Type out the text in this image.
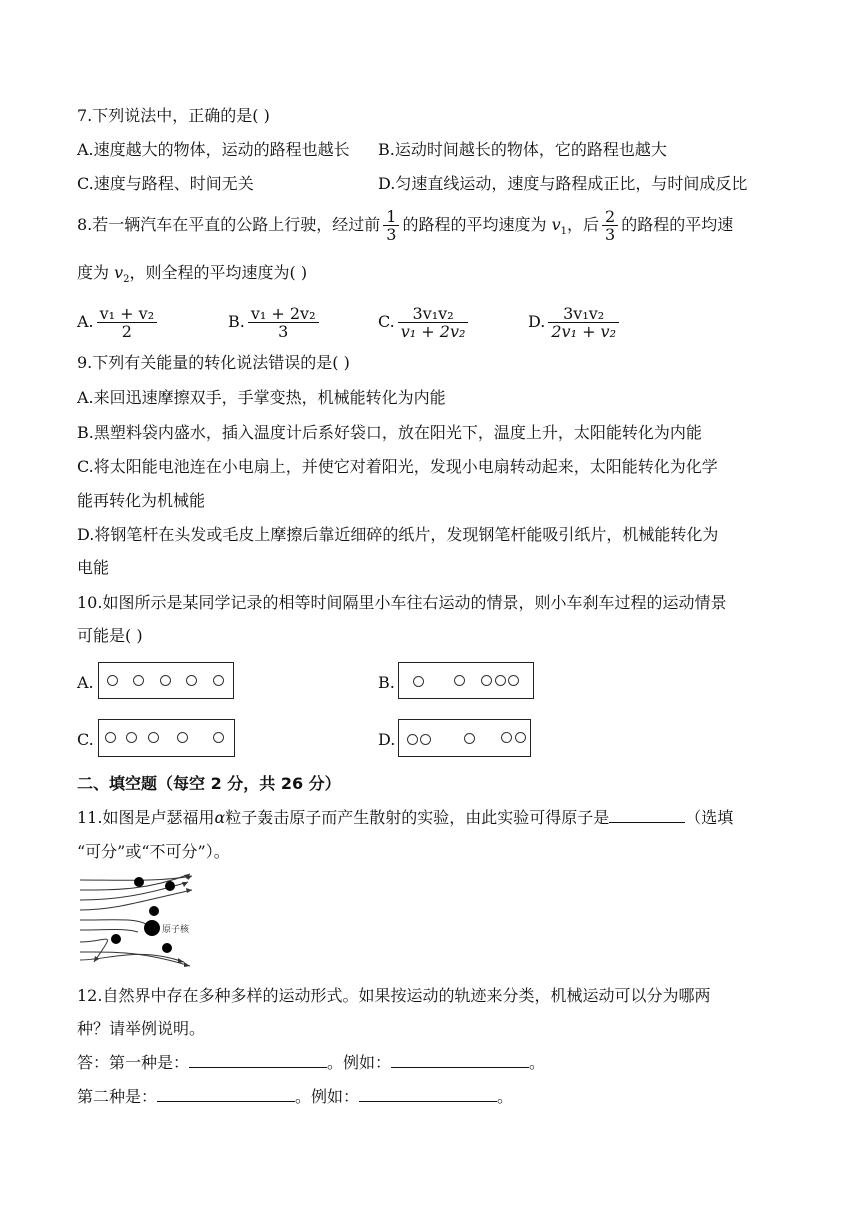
7.下列说法中，正确的是( )
A.速度越大的物体，运动的路程也越长 B.运动时间越长的物体，它的路程也越大
C.速度与路程、时间无关	D.匀速直线运动，速度与路程成正比，与时间成反比
8.若一辆汽车在平直的公路上行驶，经过前 $\frac{1}{3}$ 的路程的平均速度为 $v_1$，后 $\frac{2}{3}$ 的路程的平均速
度为 $v_2$，则全程的平均速度为( )
A. $\frac{\text{v₁ + v₂}}{2}$	B. $\frac{\text{v₁ + 2v₂}}{3}$	C. $\frac{\text{3v₁v₂}}{\text{v₁ + 2v₂}}$	D. $\frac{\text{3v₁v₂}}{\text{2v₁ + v₂}}$
9.下列有关能量的转化说法错误的是( )
A.来回迅速摩擦双手，手掌变热，机械能转化为内能
B.黑塑料袋内盛水，插入温度计后系好袋口，放在阳光下，温度上升，太阳能转化为内能
C.将太阳能电池连在小电扇上，并使它对着阳光，发现小电扇转动起来，太阳能转化为化学
能再转化为机械能
D.将钢笔杆在头发或毛皮上摩擦后靠近细碎的纸片，发现钢笔杆能吸引纸片，机械能转化为
电能
10.如图所示是某同学记录的相等时间隔里小车往右运动的情景，则小车刹车过程的运动情景
可能是( )
A.	B.
C.	D.
二、填空题（每空 2 分，共 26 分）
11.如图是卢瑟福用α粒子轰击原子而产生散射的实验，由此实验可得原子是	（选填
“可分”或“不可分”）。
原子核
12.自然界中存在多种多样的运动形式。如果按运动的轨迹来分类，机械运动可以分为哪两
种？请举例说明。
答：第一种是：	。例如：	。
第二种是：	。例如：	。
